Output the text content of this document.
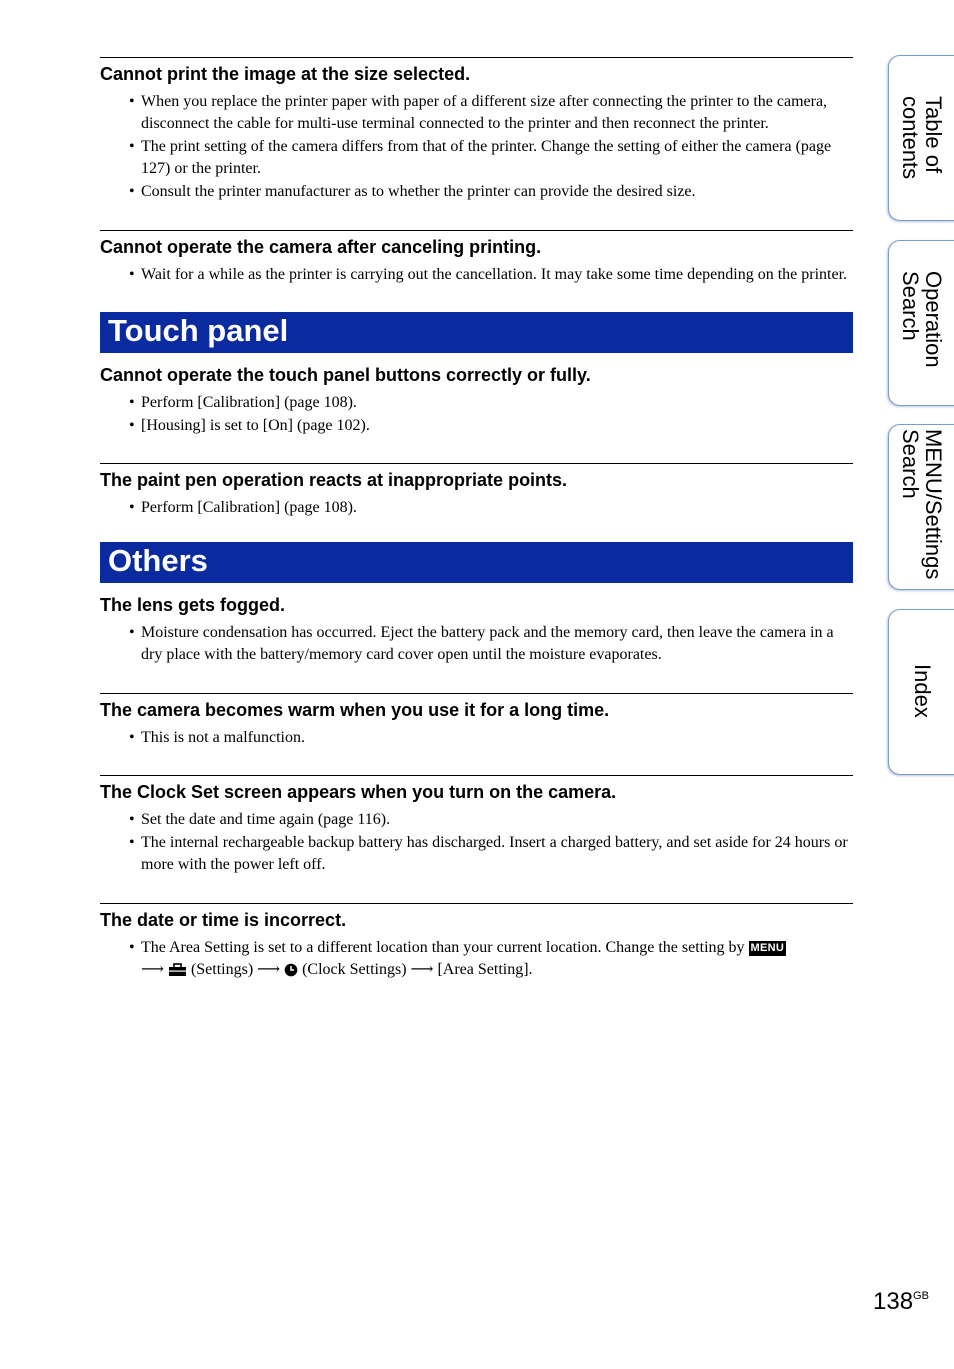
Table of
contents
Operation
Search
MENU/Settings
Search
Index
Cannot print the image at the size selected.
• When you replace the printer paper with paper of a different size after connecting the printer to the camera, disconnect the cable for multi-use terminal connected to the printer and then reconnect the printer.
• The print setting of the camera differs from that of the printer. Change the setting of either the camera (page 127) or the printer.
• Consult the printer manufacturer as to whether the printer can provide the desired size.
Cannot operate the camera after canceling printing.
• Wait for a while as the printer is carrying out the cancellation. It may take some time depending on the printer.
Touch panel
Cannot operate the touch panel buttons correctly or fully.
• Perform [Calibration] (page 108).
• [Housing] is set to [On] (page 102).
The paint pen operation reacts at inappropriate points.
• Perform [Calibration] (page 108).
Others
The lens gets fogged.
• Moisture condensation has occurred. Eject the battery pack and the memory card, then leave the camera in a dry place with the battery/memory card cover open until the moisture evaporates.
The camera becomes warm when you use it for a long time.
• This is not a malfunction.
The Clock Set screen appears when you turn on the camera.
• Set the date and time again (page 116).
• The internal rechargeable backup battery has discharged. Insert a charged battery, and set aside for 24 hours or more with the power left off.
The date or time is incorrect.
• The Area Setting is set to a different location than your current location. Change the setting by MENU
⟶ (Settings) ⟶ (Clock Settings) ⟶ [Area Setting].
$138^{GB}$
